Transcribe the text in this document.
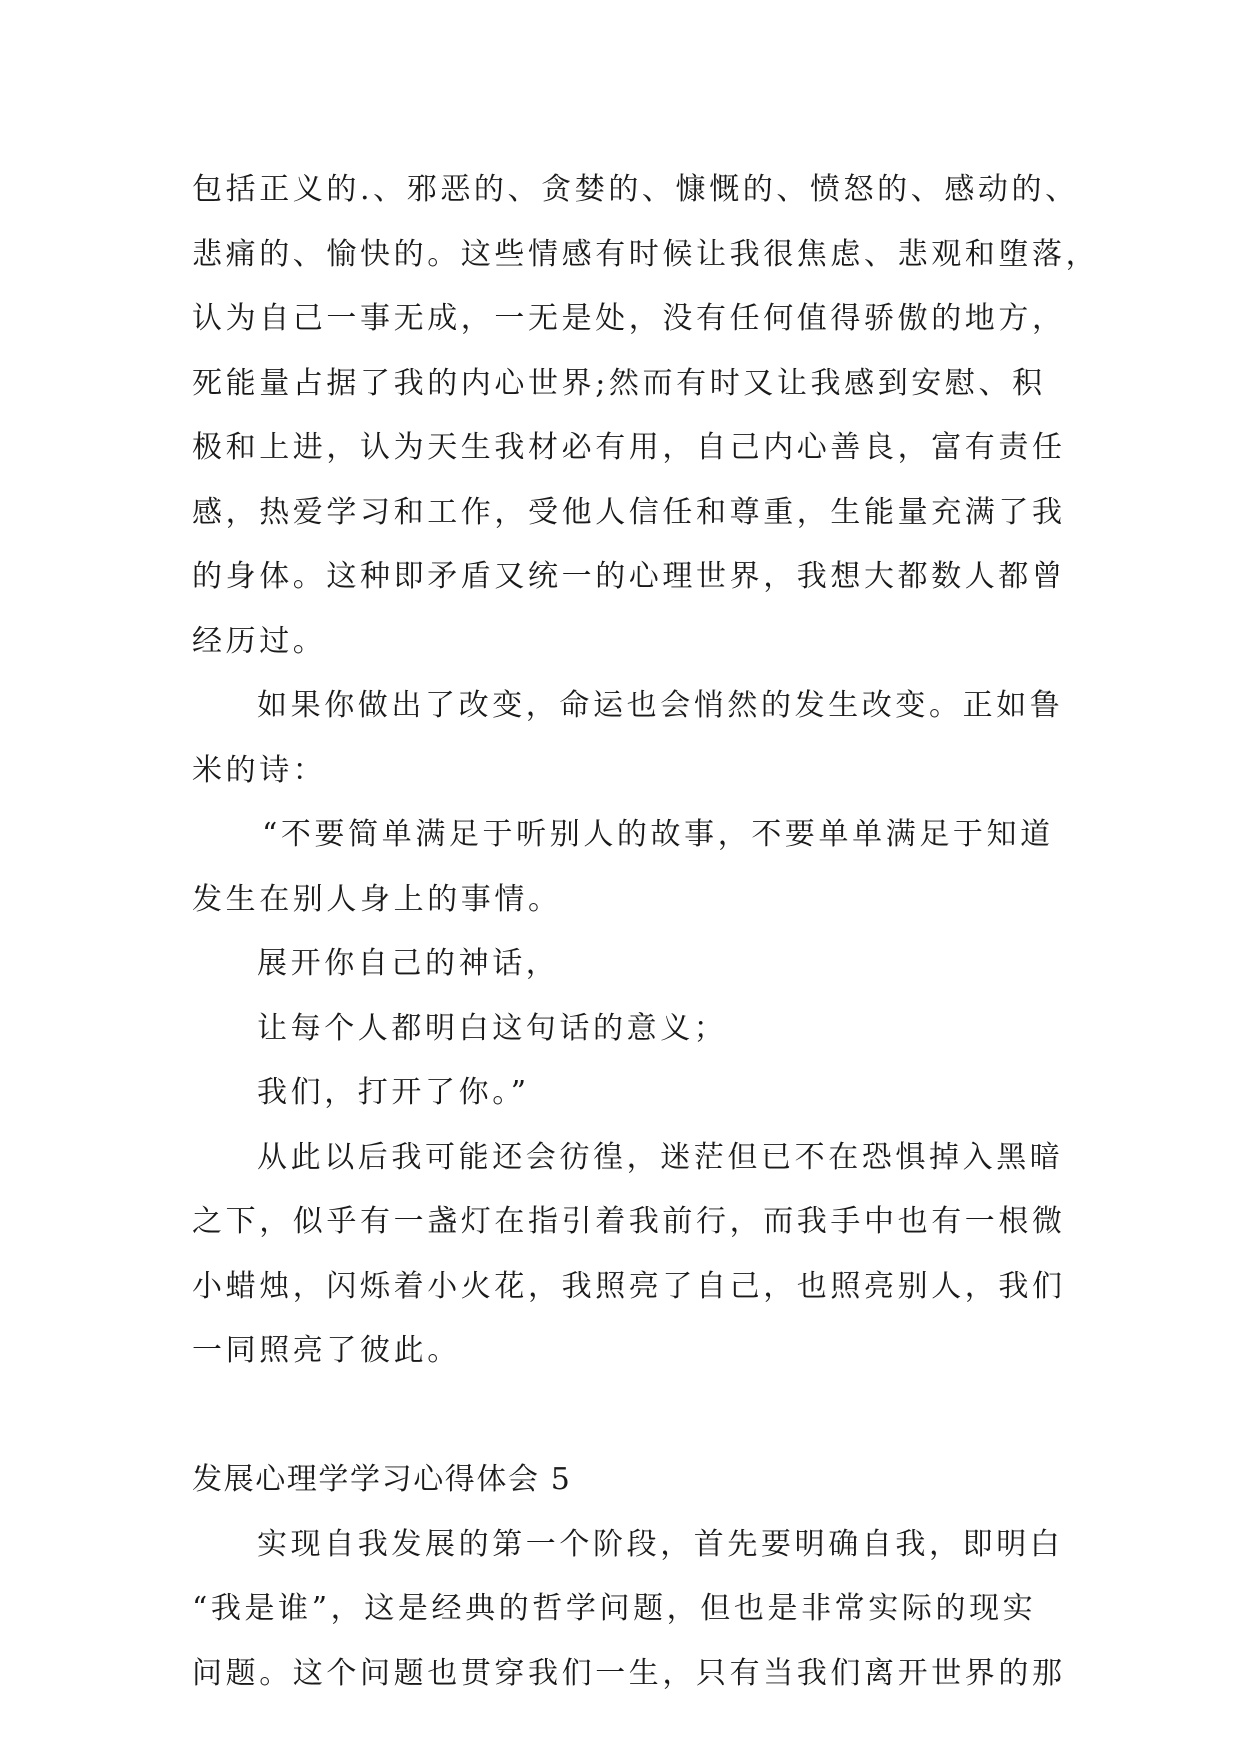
包括正义的.、邪恶的、贪婪的、慷慨的、愤怒的、感动的、
悲痛的、愉快的。这些情感有时候让我很焦虑、悲观和堕落，
认为自己一事无成，一无是处，没有任何值得骄傲的地方，
死能量占据了我的内心世界;然而有时又让我感到安慰、积
极和上进，认为天生我材必有用，自己内心善良，富有责任
感，热爱学习和工作，受他人信任和尊重，生能量充满了我
的身体。这种即矛盾又统一的心理世界，我想大都数人都曾
经历过。
如果你做出了改变，命运也会悄然的发生改变。正如鲁
米的诗：
“不要简单满足于听别人的故事，不要单单满足于知道
发生在别人身上的事情。
展开你自己的神话，
让每个人都明白这句话的意义；
我们，打开了你。”
从此以后我可能还会彷徨，迷茫但已不在恐惧掉入黑暗
之下，似乎有一盏灯在指引着我前行，而我手中也有一根微
小蜡烛，闪烁着小火花，我照亮了自己，也照亮别人，我们
一同照亮了彼此。
发展心理学学习心得体会 5
实现自我发展的第一个阶段，首先要明确自我，即明白
“我是谁”，这是经典的哲学问题，但也是非常实际的现实
问题。这个问题也贯穿我们一生，只有当我们离开世界的那
